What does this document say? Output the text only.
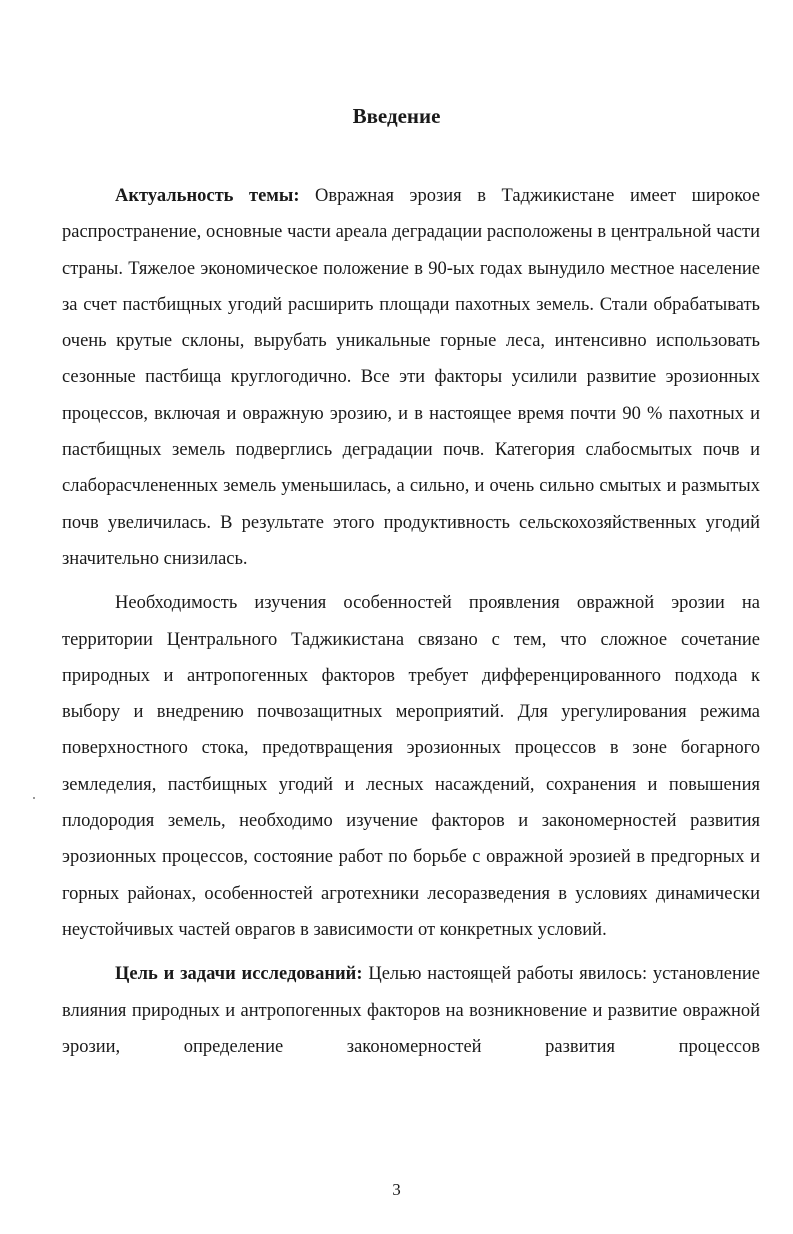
Введение

Актуальность темы: Овражная эрозия в Таджикистане имеет широкое распространение, основные части ареала деградации расположены в центральной части страны. Тяжелое экономическое положение в 90-ых годах вынудило местное население за счет пастбищных угодий расширить площади пахотных земель. Стали обрабатывать очень крутые склоны, вырубать уникальные горные леса, интенсивно использовать сезонные пастбища круглогодично. Все эти факторы усилили развитие эрозионных процессов, включая и овражную эрозию, и в настоящее время почти 90 % пахотных и пастбищных земель подверглись деградации почв. Категория слабосмытых почв и слаборасчлененных земель уменьшилась, а сильно, и очень сильно смытых и размытых почв увеличилась. В результате этого продуктивность сельскохозяйственных угодий значительно снизилась.

Необходимость изучения особенностей проявления овражной эрозии на территории Центрального Таджикистана связано с тем, что сложное сочетание природных и антропогенных факторов требует дифференцированного подхода к выбору и внедрению почвозащитных мероприятий. Для урегулирования режима поверхностного стока, предотвращения эрозионных процессов в зоне богарного земледелия, пастбищных угодий и лесных насаждений, сохранения и повышения плодородия земель, необходимо изучение факторов и закономерностей развития эрозионных процессов, состояние работ по борьбе с овражной эрозией в предгорных и горных районах, особенностей агротехники лесоразведения в условиях динамически неустойчивых частей оврагов в зависимости от конкретных условий.

Цель и задачи исследований: Целью настоящей работы явилось: установление влияния природных и антропогенных факторов на возникновение и развитие овражной эрозии, определение закономерностей развития процессов

3
